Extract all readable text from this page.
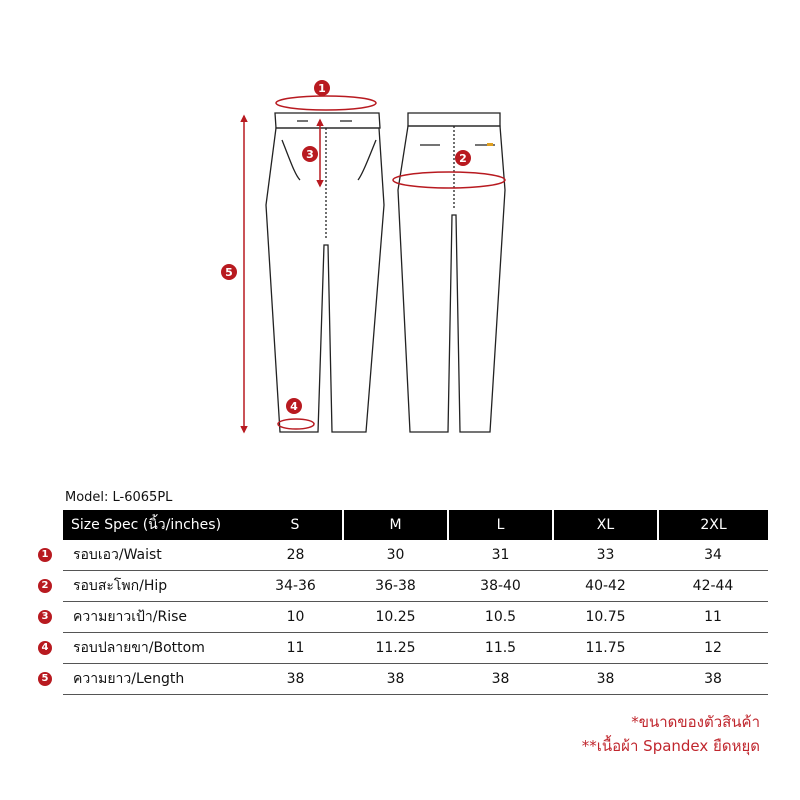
1
2
3
4
5
Model: L-6065PL
1
2
3
4
5
Size Spec (นิ้ว/inches)	S	M	L	XL	2XL
รอบเอว/Waist	28	30	31	33	34
รอบสะโพก/Hip	34-36	36-38	38-40	40-42	42-44
ความยาวเป้า/Rise	10	10.25	10.5	10.75	11
รอบปลายขา/Bottom	11	11.25	11.5	11.75	12
ความยาว/Length	38	38	38	38	38
*ขนาดของตัวสินค้า
**เนื้อผ้า Spandex ยืดหยุด
